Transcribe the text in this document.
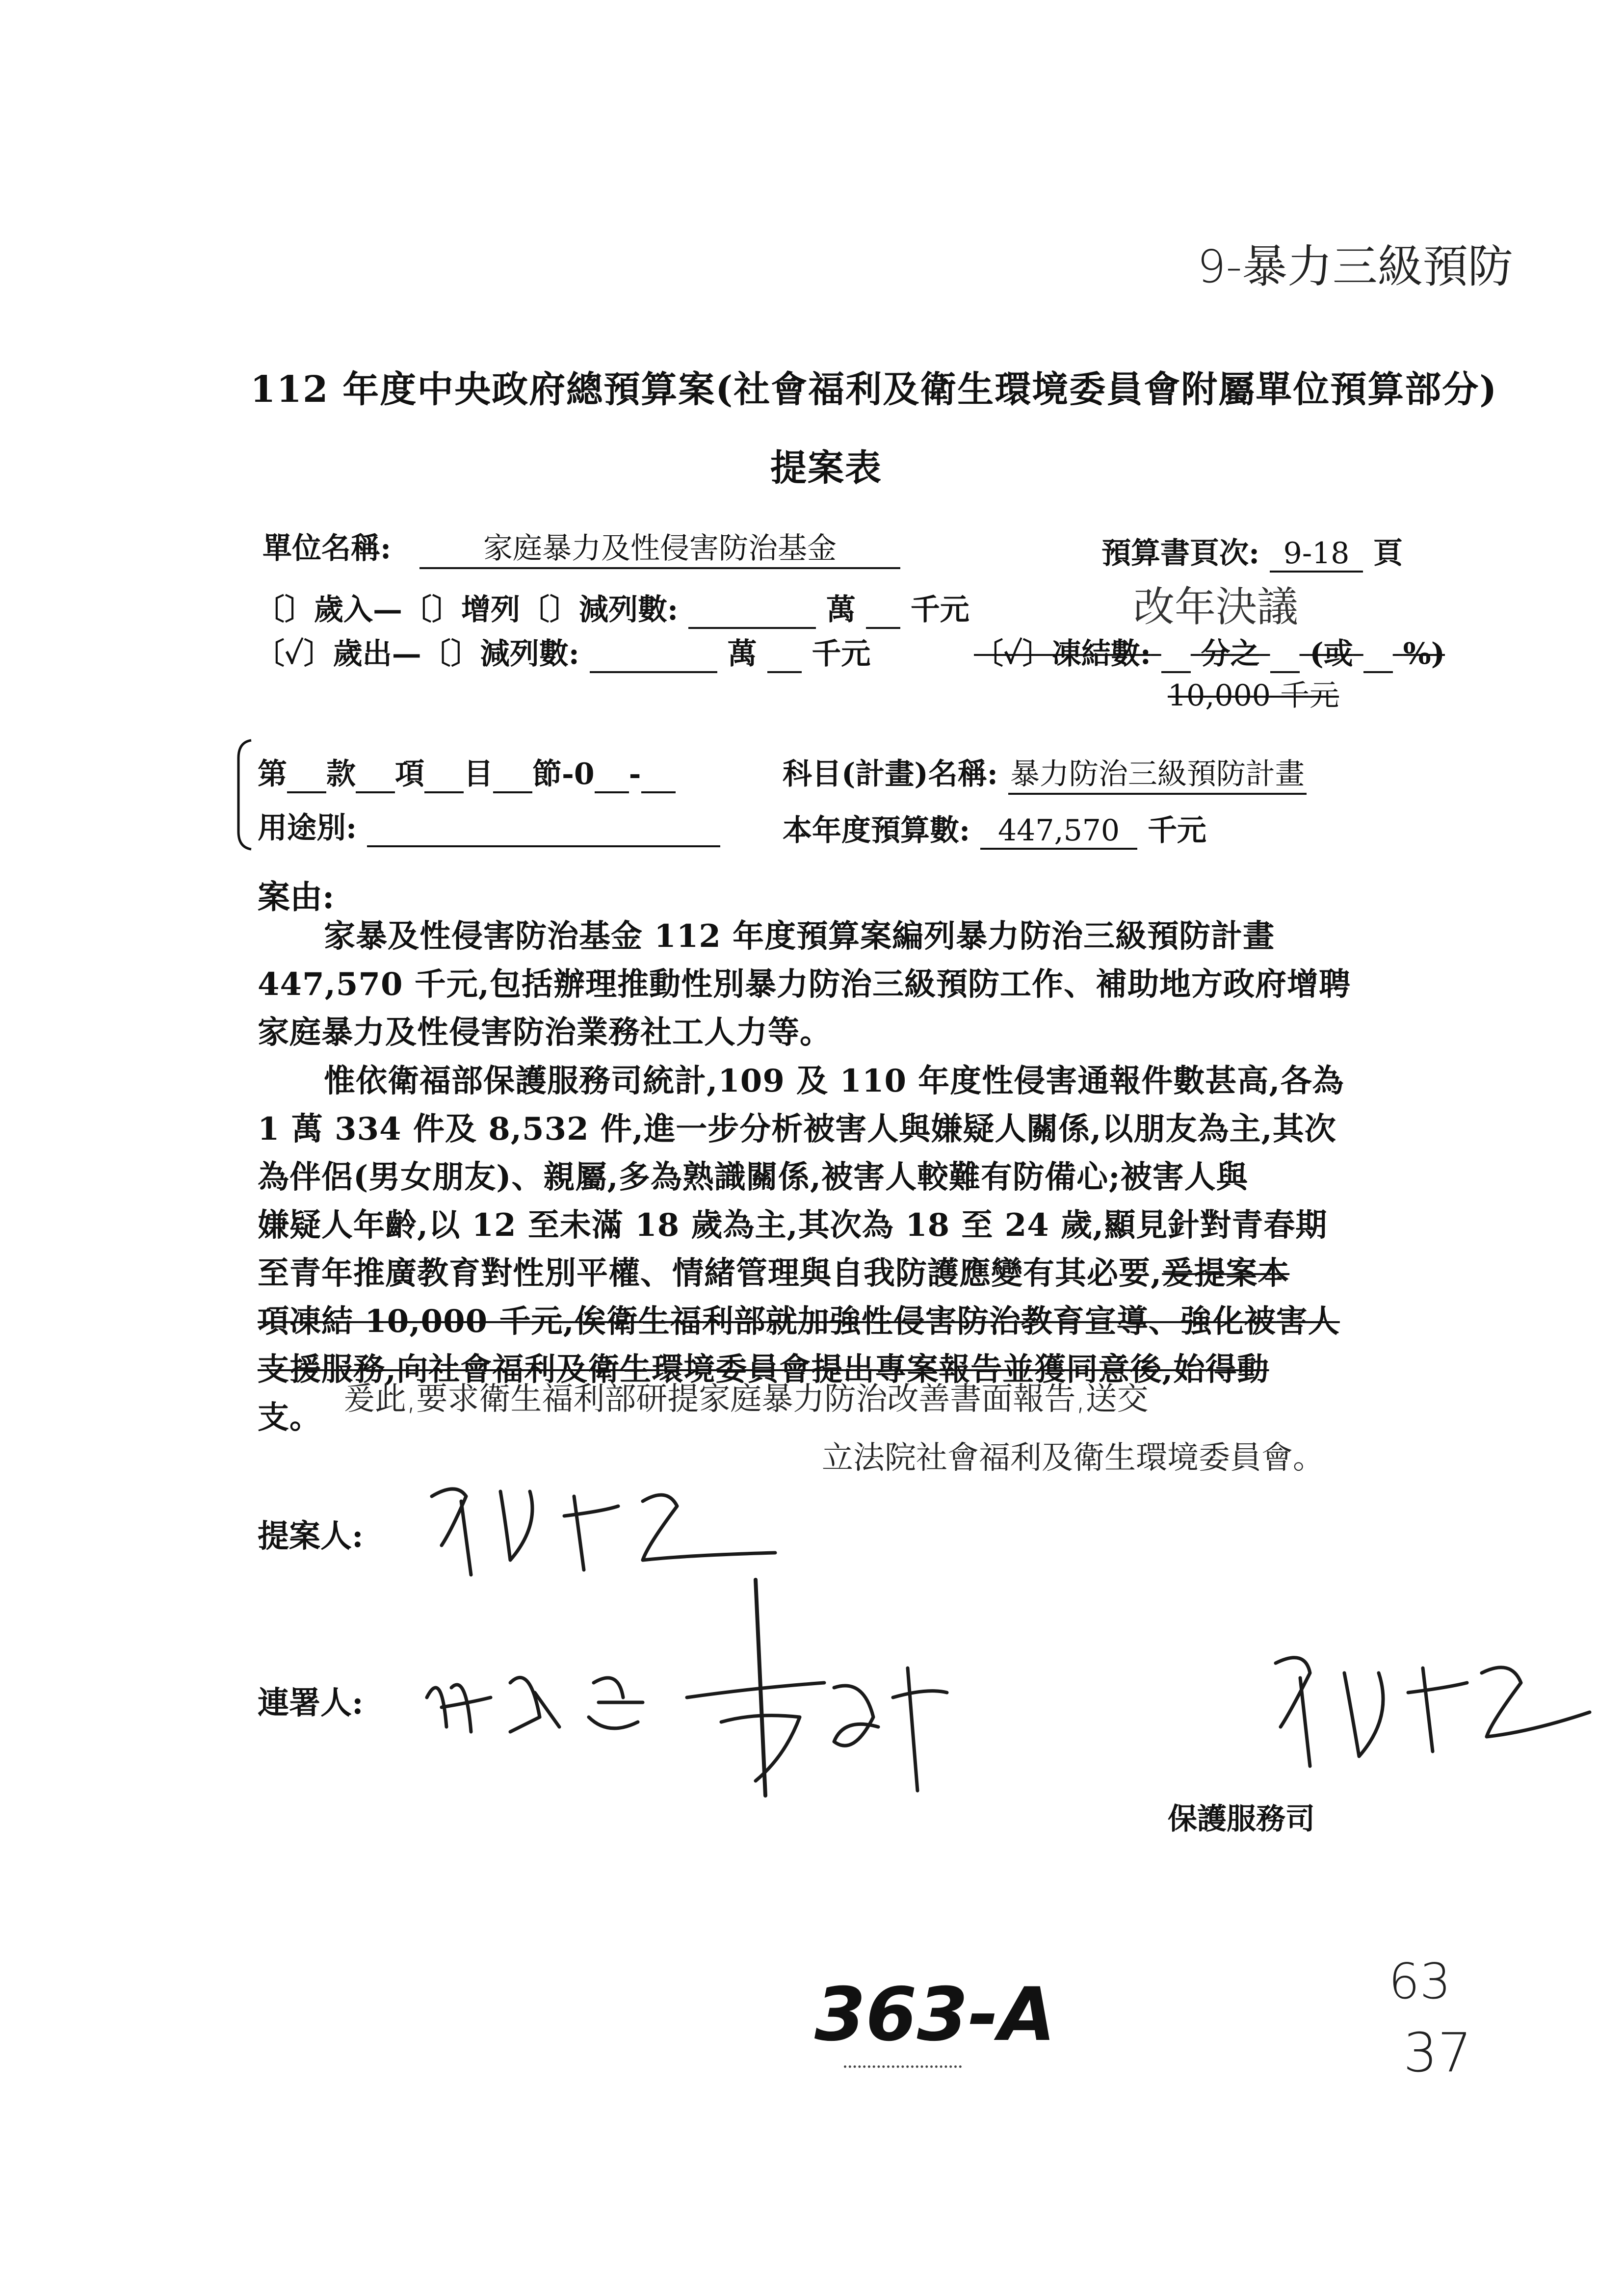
9-暴力三級預防
112 年度中央政府總預算案(社會福利及衛生環境委員會附屬單位預算部分)
提案表
單位名稱:	家庭暴力及性侵害防治基金	預算書頁次: 9-18 頁
〔〕歲入—〔〕增列〔〕減列數:	萬 千元	改年決議
〔✓〕歲出—〔〕減列數:	萬 千元	〔✓〕凍結數: 分之 (或 %)
10,000 千元
第 款 項 目 節-0 -
用途別:
科目(計畫)名稱: 暴力防治三級預防計畫
本年度預算數: 447,570 千元
案由:
家暴及性侵害防治基金 112 年度預算案編列暴力防治三級預防計畫
447,570 千元,包括辦理推動性別暴力防治三級預防工作、補助地方政府增聘
家庭暴力及性侵害防治業務社工人力等。
惟依衛福部保護服務司統計,109 及 110 年度性侵害通報件數甚高,各為
1 萬 334 件及 8,532 件,進一步分析被害人與嫌疑人關係,以朋友為主,其次
為伴侶(男女朋友)、親屬,多為熟識關係,被害人較難有防備心;被害人與
嫌疑人年齡,以 12 至未滿 18 歲為主,其次為 18 至 24 歲,顯見針對青春期
至青年推廣教育對性別平權、情緒管理與自我防護應變有其必要,爰提案本
項凍結 10,000 千元,俟衛生福利部就加強性侵害防治教育宣導、強化被害人
支援服務,向社會福利及衛生環境委員會提出專案報告並獲同意後,始得動
支。 爰此,要求衛生福利部研提家庭暴力防治改善書面報告,送交
立法院社會福利及衛生環境委員會。
提案人:
連署人:
保護服務司
363-A	63
37
